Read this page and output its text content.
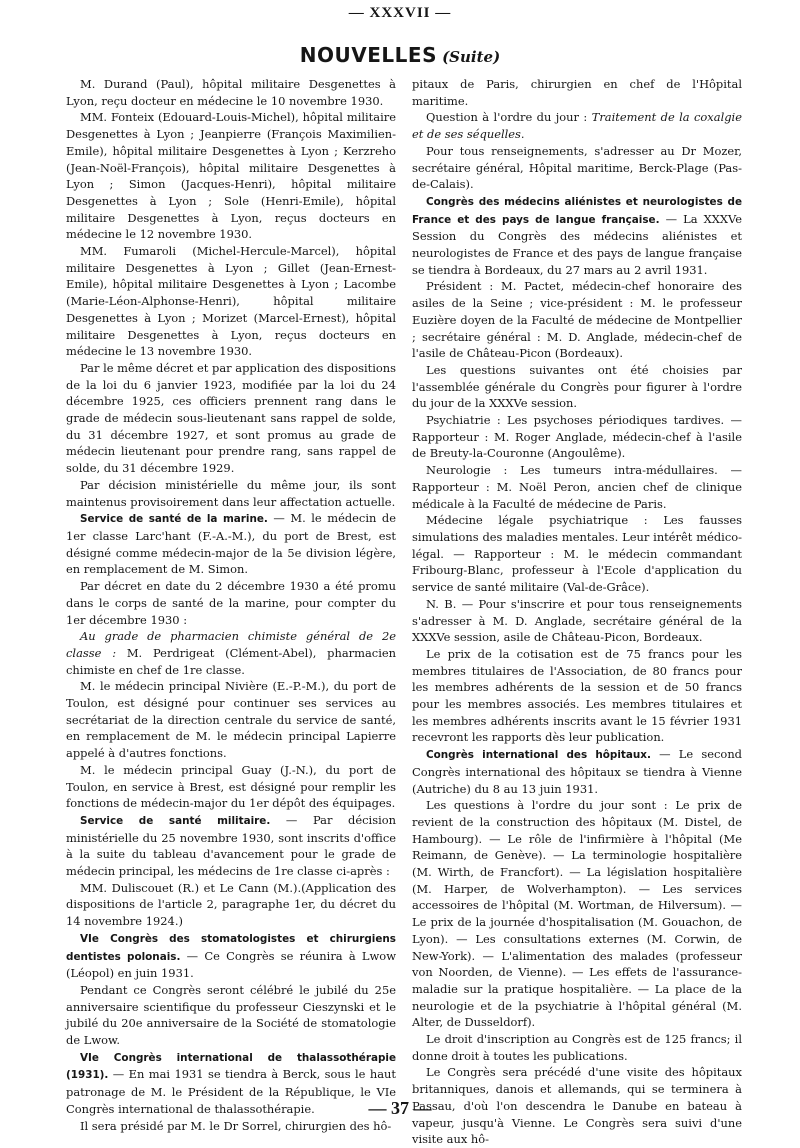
— XXXVII —
NOUVELLES (Suite)

M. Durand (Paul), hôpital militaire Desgenettes à Lyon, reçu docteur en médecine le 10 novembre 1930.

MM. Fonteix (Edouard-Louis-Michel), hôpital militaire Desgenettes à Lyon ; Jeanpierre (François Maximilien-Emile), hôpital militaire Desgenettes à Lyon ; Kerzreho (Jean-Noël-François), hôpital militaire Desgenettes à Lyon ; Simon (Jacques-Henri), hôpital militaire Desgenettes à Lyon ; Sole (Henri-Emile), hôpital militaire Desgenettes à Lyon, reçus docteurs en médecine le 12 novembre 1930.

MM. Fumaroli (Michel-Hercule-Marcel), hôpital militaire Desgenettes à Lyon ; Gillet (Jean-Ernest-Emile), hôpital militaire Desgenettes à Lyon ; Lacombe (Marie-Léon-Alphonse-Henri), hôpital militaire Desgenettes à Lyon ; Morizet (Marcel-Ernest), hôpital militaire Desgenettes à Lyon, reçus docteurs en médecine le 13 novembre 1930.

Par le même décret et par application des dispositions de la loi du 6 janvier 1923, modifiée par la loi du 24 décembre 1925, ces officiers prennent rang dans le grade de médecin sous-lieutenant sans rappel de solde, du 31 décembre 1927, et sont promus au grade de médecin lieutenant pour prendre rang, sans rappel de solde, du 31 décembre 1929.

Par décision ministérielle du même jour, ils sont maintenus provisoirement dans leur affectation actuelle.

Service de santé de la marine. — M. le médecin de 1er classe Larc'hant (F.-A.-M.), du port de Brest, est désigné comme médecin-major de la 5e division légère, en remplacement de M. Simon.

Par décret en date du 2 décembre 1930 a été promu dans le corps de santé de la marine, pour compter du 1er décembre 1930 :

Au grade de pharmacien chimiste général de 2e classe : M. Perdrigeat (Clément-Abel), pharmacien chimiste en chef de 1re classe.

M. le médecin principal Nivière (E.-P.-M.), du port de Toulon, est désigné pour continuer ses services au secrétariat de la direction centrale du service de santé, en remplacement de M. le médecin principal Lapierre appelé à d'autres fonctions.

M. le médecin principal Guay (J.-N.), du port de Toulon, en service à Brest, est désigné pour remplir les fonctions de médecin-major du 1er dépôt des équipages.

Service de santé militaire. — Par décision ministérielle du 25 novembre 1930, sont inscrits d'office à la suite du tableau d'avancement pour le grade de médecin principal, les médecins de 1re classe ci-après :

MM. Duliscouet (R.) et Le Cann (M.).(Application des dispositions de l'article 2, paragraphe 1er, du décret du 14 novembre 1924.)

VIe Congrès des stomatologistes et chirurgiens dentistes polonais. — Ce Congrès se réunira à Lwow (Léopol) en juin 1931.

Pendant ce Congrès seront célébré le jubilé du 25e anniversaire scientifique du professeur Cieszynski et le jubilé du 20e anniversaire de la Société de stomatologie de Lwow.

VIe Congrès international de thalassothérapie (1931). — En mai 1931 se tiendra à Berck, sous le haut patronage de M. le Président de la République, le VIe Congrès international de thalassothérapie.

Il sera présidé par M. le Dr Sorrel, chirurgien des hô-

pitaux de Paris, chirurgien en chef de l'Hôpital maritime.

Question à l'ordre du jour : Traitement de la coxalgie et de ses séquelles.

Pour tous renseignements, s'adresser au Dr Mozer, secrétaire général, Hôpital maritime, Berck-Plage (Pas-de-Calais).

Congrès des médecins aliénistes et neurologistes de France et des pays de langue française. — La XXXVe Session du Congrès des médecins aliénistes et neurologistes de France et des pays de langue française se tiendra à Bordeaux, du 27 mars au 2 avril 1931.

Président : M. Pactet, médecin-chef honoraire des asiles de la Seine ; vice-président : M. le professeur Euzière doyen de la Faculté de médecine de Montpellier ; secrétaire général : M. D. Anglade, médecin-chef de l'asile de Château-Picon (Bordeaux).

Les questions suivantes ont été choisies par l'assemblée générale du Congrès pour figurer à l'ordre du jour de la XXXVe session.

Psychiatrie : Les psychoses périodiques tardives. — Rapporteur : M. Roger Anglade, médecin-chef à l'asile de Breuty-la-Couronne (Angoulême).

Neurologie : Les tumeurs intra-médullaires. — Rapporteur : M. Noël Peron, ancien chef de clinique médicale à la Faculté de médecine de Paris.

Médecine légale psychiatrique : Les fausses simulations des maladies mentales. Leur intérêt médico-légal. — Rapporteur : M. le médecin commandant Fribourg-Blanc, professeur à l'Ecole d'application du service de santé militaire (Val-de-Grâce).

N. B. — Pour s'inscrire et pour tous renseignements s'adresser à M. D. Anglade, secrétaire général de la XXXVe session, asile de Château-Picon, Bordeaux.

Le prix de la cotisation est de 75 francs pour les membres titulaires de l'Association, de 80 francs pour les membres adhérents de la session et de 50 francs pour les membres associés. Les membres titulaires et les membres adhérents inscrits avant le 15 février 1931 recevront les rapports dès leur publication.

Congrès international des hôpitaux. — Le second Congrès international des hôpitaux se tiendra à Vienne (Autriche) du 8 au 13 juin 1931.

Les questions à l'ordre du jour sont : Le prix de revient de la construction des hôpitaux (M. Distel, de Hambourg). — Le rôle de l'infirmière à l'hôpital (Me Reimann, de Genève). — La terminologie hospitalière (M. Wirth, de Francfort). — La législation hospitalière (M. Harper, de Wolverhampton). — Les services accessoires de l'hôpital (M. Wortman, de Hilversum). — Le prix de la journée d'hospitalisation (M. Gouachon, de Lyon). — Les consultations externes (M. Corwin, de New-York). — L'alimentation des malades (professeur von Noorden, de Vienne). — Les effets de l'assurance-maladie sur la pratique hospitalière. — La place de la neurologie et de la psychiatrie à l'hôpital général (M. Alter, de Dusseldorf).

Le droit d'inscription au Congrès est de 125 francs; il donne droit à toutes les publications.

Le Congrès sera précédé d'une visite des hôpitaux britanniques, danois et allemands, qui se terminera à Passau, d'où l'on descendra le Danube en bateau à vapeur, jusqu'à Vienne. Le Congrès sera suivi d'une visite aux hô-

— 37 —
